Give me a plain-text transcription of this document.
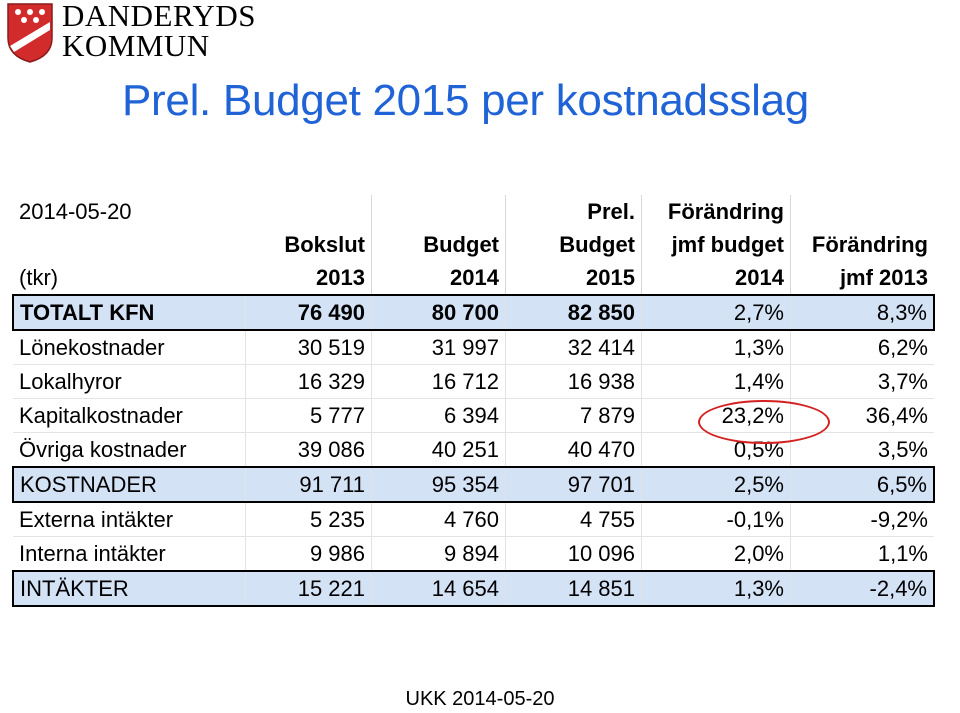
DANDERYDS
KOMMUN
Prel. Budget 2015 per kostnadsslag
2014-05-20			Prel.	Förändring	
	Bokslut	Budget	Budget	jmf budget	Förändring
(tkr)	2013	2014	2015	2014	jmf 2013
TOTALT KFN	76 490	80 700	82 850	2,7%	8,3%
Lönekostnader	30 519	31 997	32 414	1,3%	6,2%
Lokalhyror	16 329	16 712	16 938	1,4%	3,7%
Kapitalkostnader	5 777	6 394	7 879	23,2%	36,4%
Övriga kostnader	39 086	40 251	40 470	0,5%	3,5%
KOSTNADER	91 711	95 354	97 701	2,5%	6,5%
Externa intäkter	5 235	4 760	4 755	-0,1%	-9,2%
Interna intäkter	9 986	9 894	10 096	2,0%	1,1%
INTÄKTER	15 221	14 654	14 851	1,3%	-2,4%
UKK 2014-05-20
